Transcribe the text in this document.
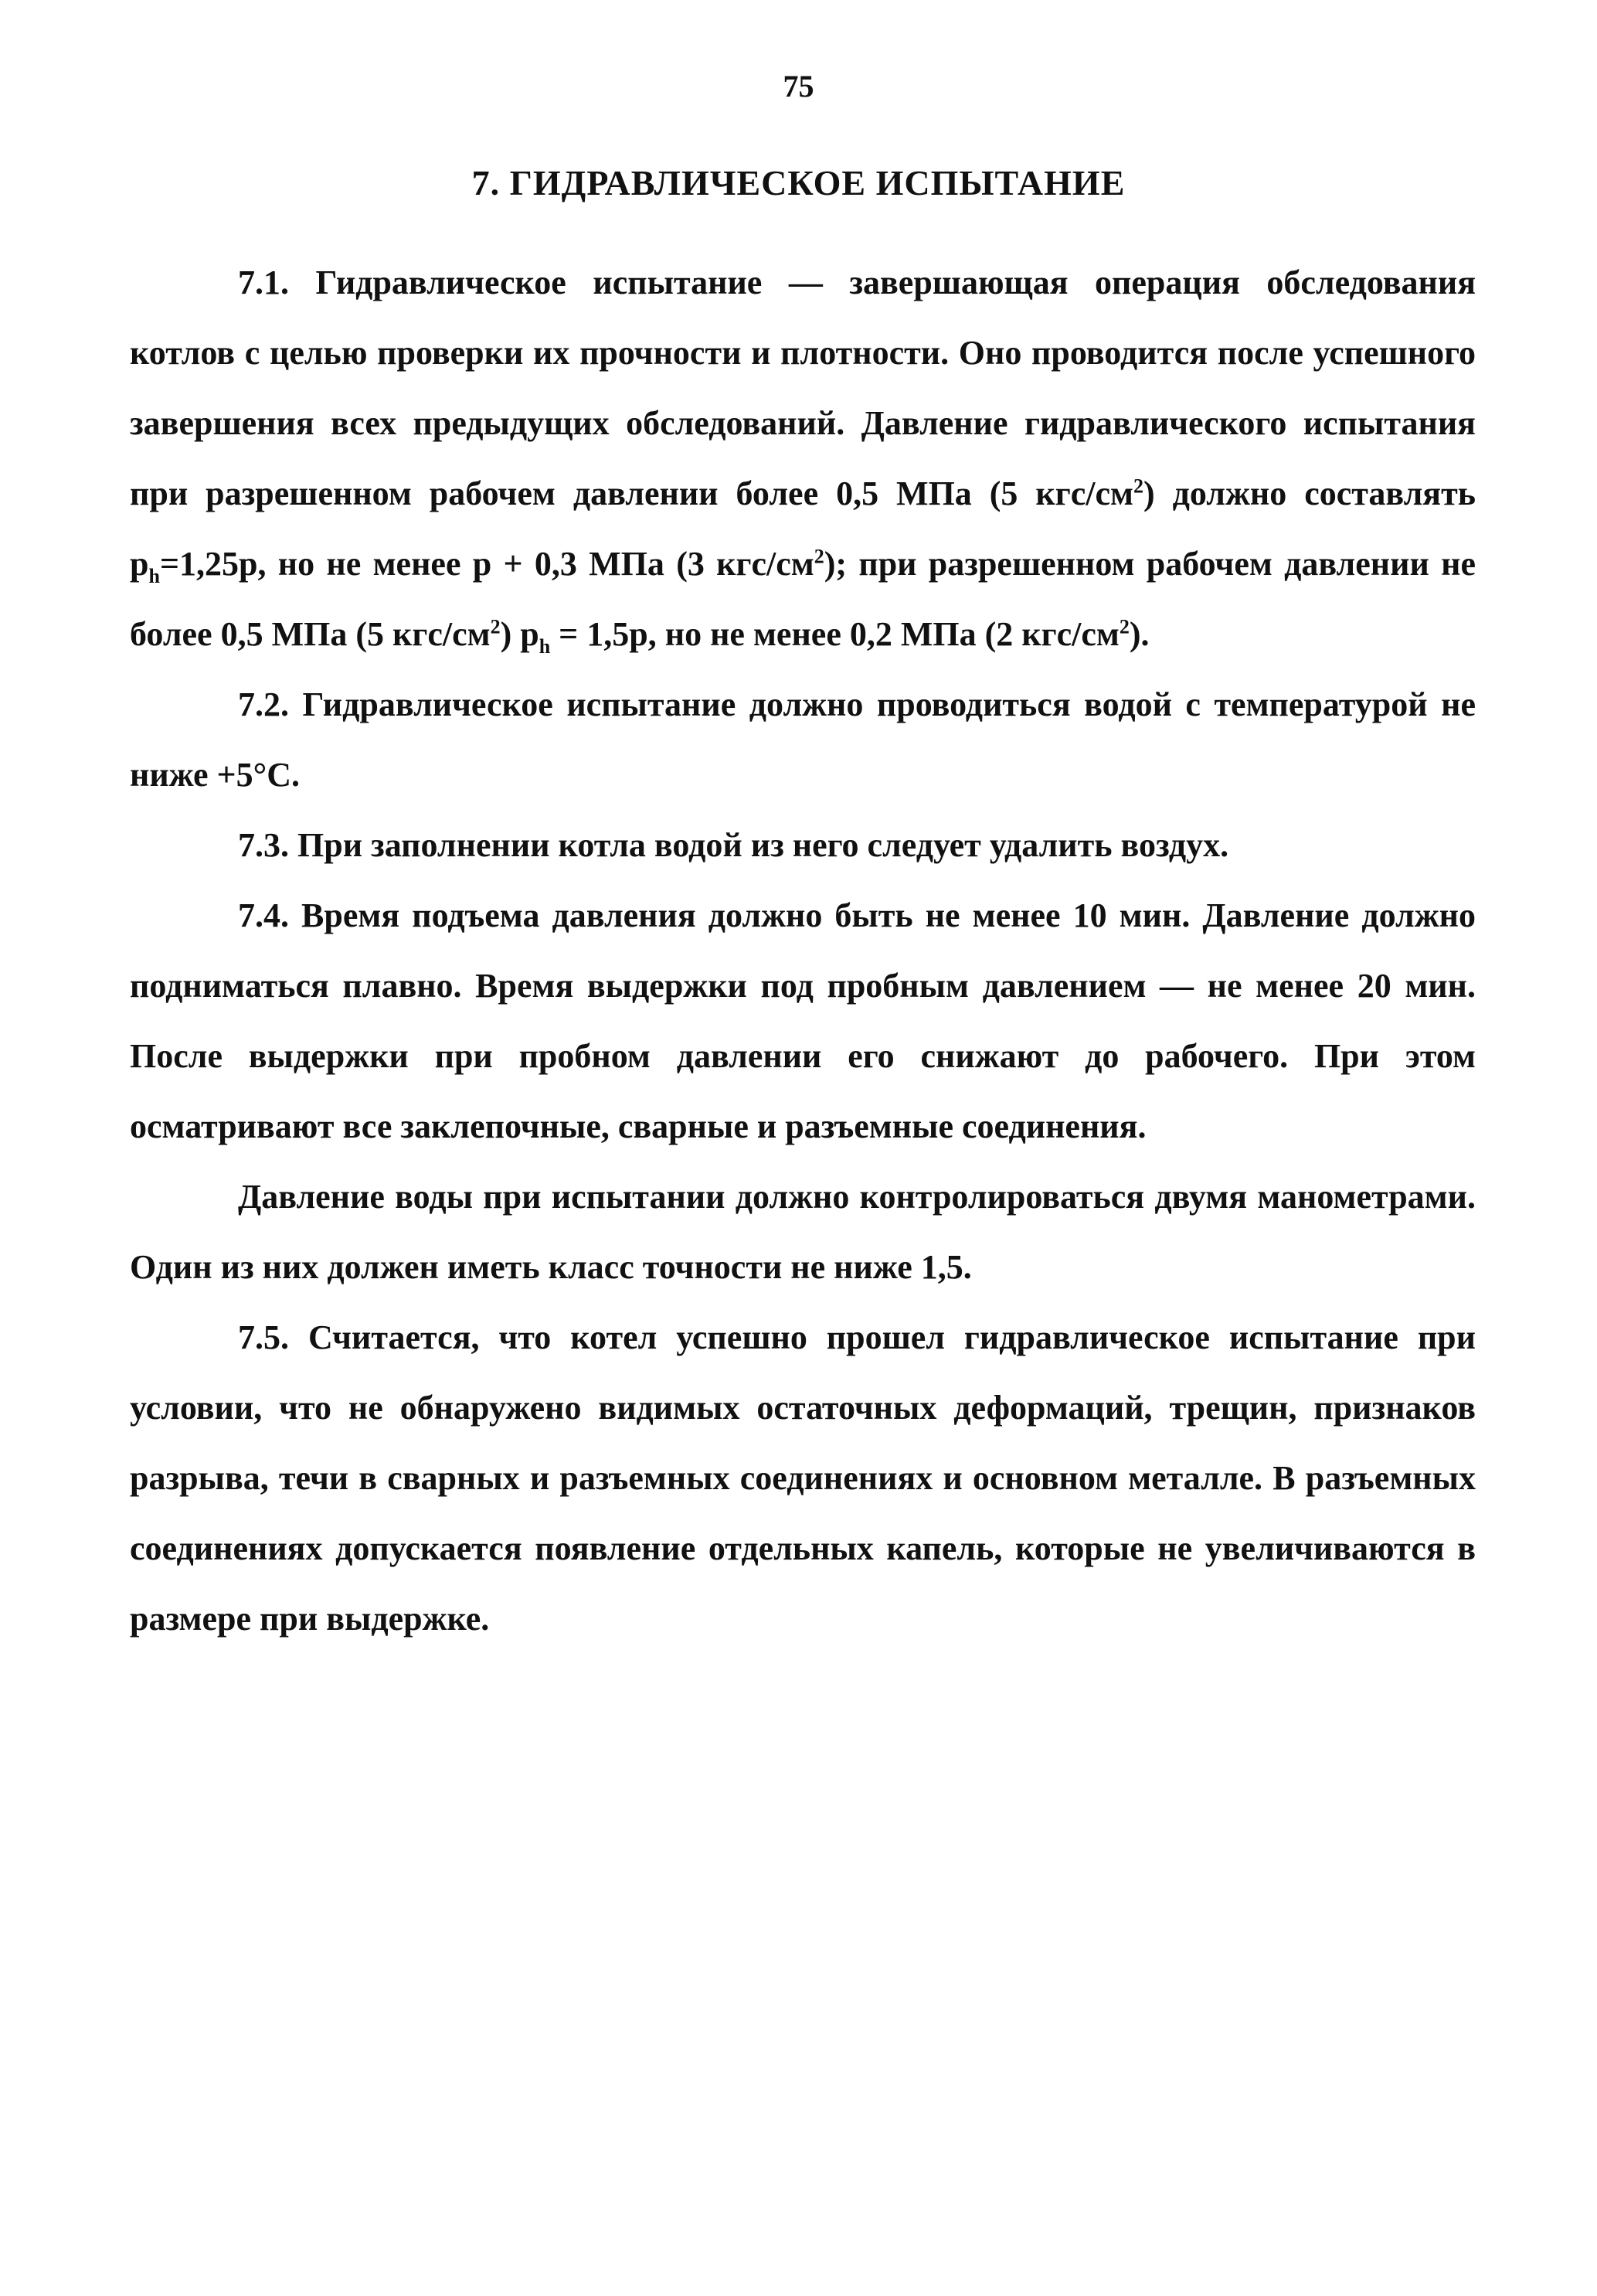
75
7. ГИДРАВЛИЧЕСКОЕ ИСПЫТАНИЕ

7.1. Гидравлическое испытание — завершающая операция обследования котлов с целью проверки их прочности и плотности. Оно проводится после успешного завершения всех предыдущих обследований. Давление гидравлического испытания при разрешенном рабочем давлении более 0,5 МПа (5 кгс/$см^2$) должно составлять $p_h=1,25p$, но не менее p + 0,3 МПа (3 кгс/$см^2$); при разрешенном рабочем давлении не более 0,5 МПа (5 кгс/$см^2$) $p_h = 1,5p$, но не менее 0,2 МПа (2 кгс/$см^2$).

7.2. Гидравлическое испытание должно проводиться водой с температурой не ниже +5°С.

7.3. При заполнении котла водой из него следует удалить воздух.

7.4. Время подъема давления должно быть не менее 10 мин. Давление должно подниматься плавно. Время выдержки под пробным давлением — не менее 20 мин. После выдержки при пробном давлении его снижают до рабочего. При этом осматривают все заклепочные, сварные и разъемные соединения.

Давление воды при испытании должно контролироваться двумя манометрами. Один из них должен иметь класс точности не ниже 1,5.

7.5. Считается, что котел успешно прошел гидравлическое испытание при условии, что не обнаружено видимых остаточных деформаций, трещин, признаков разрыва, течи в сварных и разъемных соединениях и основном металле. В разъемных соединениях допускается появление отдельных капель, которые не увеличиваются в размере при выдержке.
